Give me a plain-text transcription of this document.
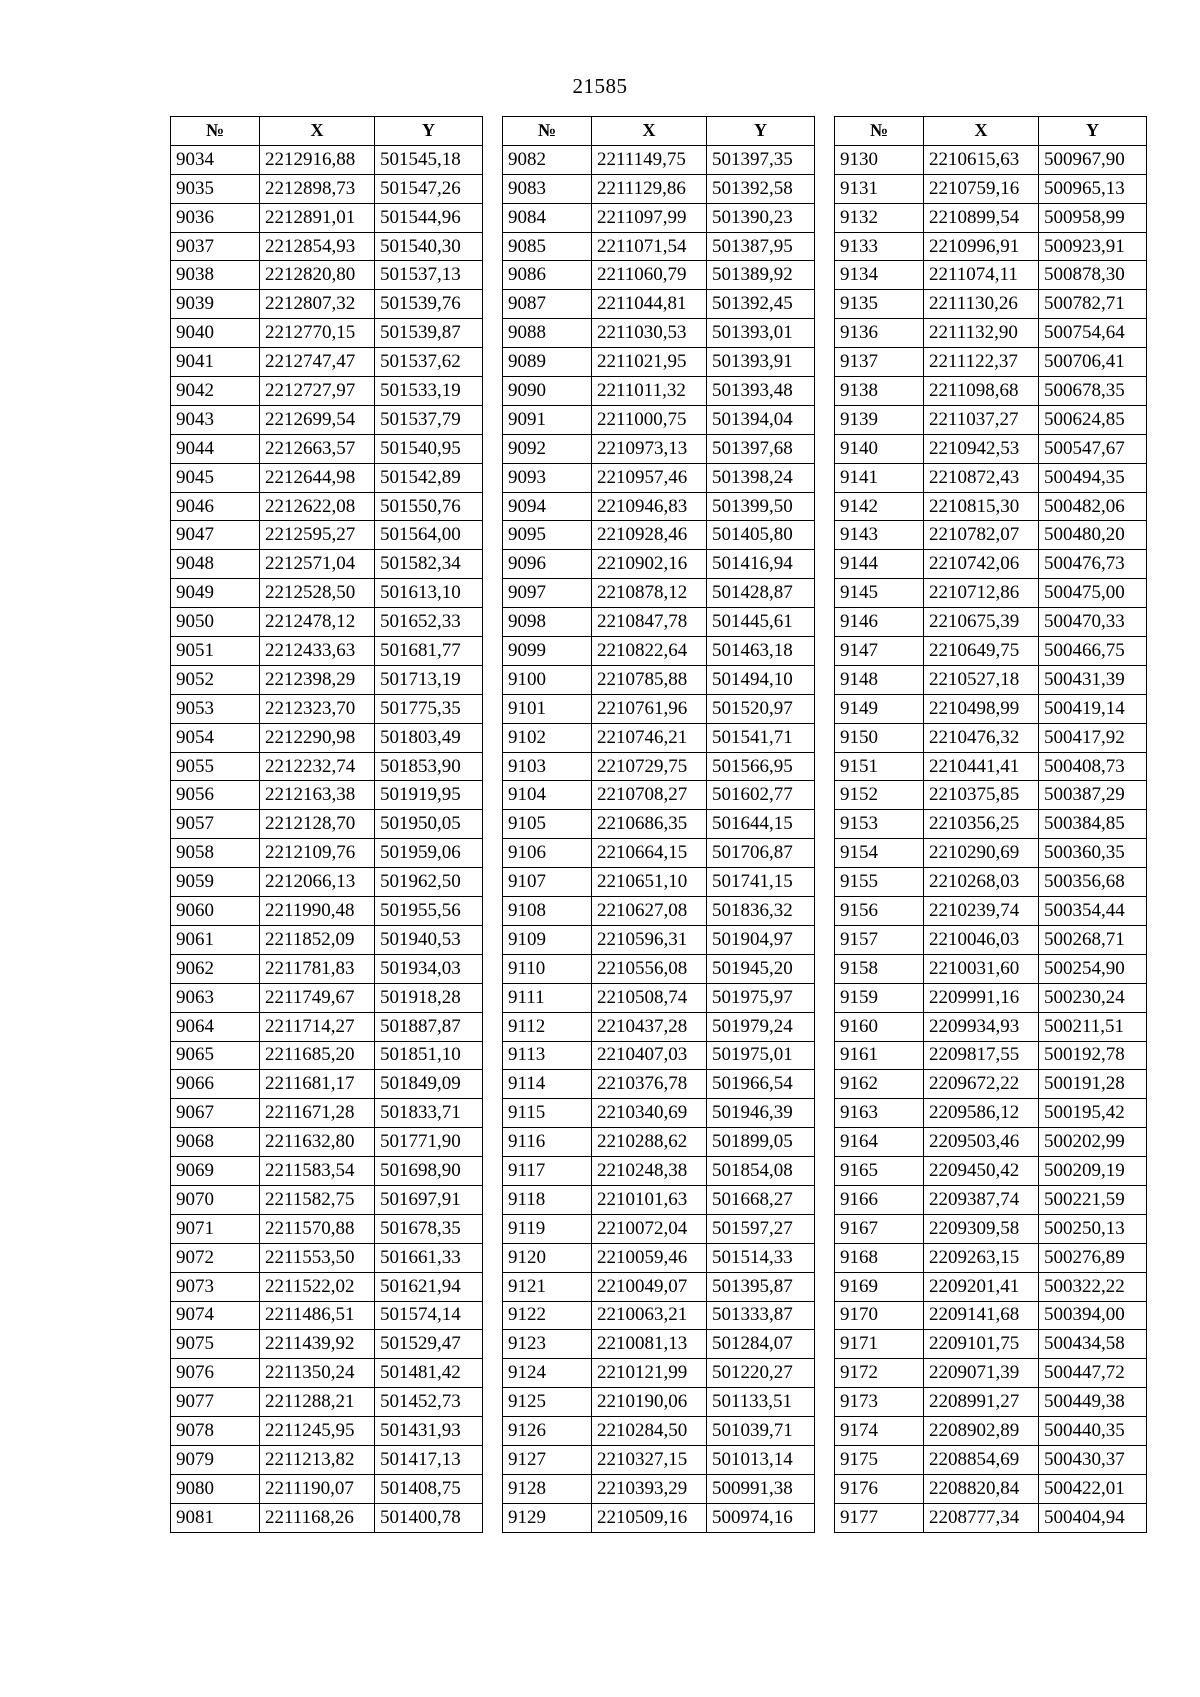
21585
№	X	Y
9034	2212916,88	501545,18
9035	2212898,73	501547,26
9036	2212891,01	501544,96
9037	2212854,93	501540,30
9038	2212820,80	501537,13
9039	2212807,32	501539,76
9040	2212770,15	501539,87
9041	2212747,47	501537,62
9042	2212727,97	501533,19
9043	2212699,54	501537,79
9044	2212663,57	501540,95
9045	2212644,98	501542,89
9046	2212622,08	501550,76
9047	2212595,27	501564,00
9048	2212571,04	501582,34
9049	2212528,50	501613,10
9050	2212478,12	501652,33
9051	2212433,63	501681,77
9052	2212398,29	501713,19
9053	2212323,70	501775,35
9054	2212290,98	501803,49
9055	2212232,74	501853,90
9056	2212163,38	501919,95
9057	2212128,70	501950,05
9058	2212109,76	501959,06
9059	2212066,13	501962,50
9060	2211990,48	501955,56
9061	2211852,09	501940,53
9062	2211781,83	501934,03
9063	2211749,67	501918,28
9064	2211714,27	501887,87
9065	2211685,20	501851,10
9066	2211681,17	501849,09
9067	2211671,28	501833,71
9068	2211632,80	501771,90
9069	2211583,54	501698,90
9070	2211582,75	501697,91
9071	2211570,88	501678,35
9072	2211553,50	501661,33
9073	2211522,02	501621,94
9074	2211486,51	501574,14
9075	2211439,92	501529,47
9076	2211350,24	501481,42
9077	2211288,21	501452,73
9078	2211245,95	501431,93
9079	2211213,82	501417,13
9080	2211190,07	501408,75
9081	2211168,26	501400,78
№	X	Y
9082	2211149,75	501397,35
9083	2211129,86	501392,58
9084	2211097,99	501390,23
9085	2211071,54	501387,95
9086	2211060,79	501389,92
9087	2211044,81	501392,45
9088	2211030,53	501393,01
9089	2211021,95	501393,91
9090	2211011,32	501393,48
9091	2211000,75	501394,04
9092	2210973,13	501397,68
9093	2210957,46	501398,24
9094	2210946,83	501399,50
9095	2210928,46	501405,80
9096	2210902,16	501416,94
9097	2210878,12	501428,87
9098	2210847,78	501445,61
9099	2210822,64	501463,18
9100	2210785,88	501494,10
9101	2210761,96	501520,97
9102	2210746,21	501541,71
9103	2210729,75	501566,95
9104	2210708,27	501602,77
9105	2210686,35	501644,15
9106	2210664,15	501706,87
9107	2210651,10	501741,15
9108	2210627,08	501836,32
9109	2210596,31	501904,97
9110	2210556,08	501945,20
9111	2210508,74	501975,97
9112	2210437,28	501979,24
9113	2210407,03	501975,01
9114	2210376,78	501966,54
9115	2210340,69	501946,39
9116	2210288,62	501899,05
9117	2210248,38	501854,08
9118	2210101,63	501668,27
9119	2210072,04	501597,27
9120	2210059,46	501514,33
9121	2210049,07	501395,87
9122	2210063,21	501333,87
9123	2210081,13	501284,07
9124	2210121,99	501220,27
9125	2210190,06	501133,51
9126	2210284,50	501039,71
9127	2210327,15	501013,14
9128	2210393,29	500991,38
9129	2210509,16	500974,16
№	X	Y
9130	2210615,63	500967,90
9131	2210759,16	500965,13
9132	2210899,54	500958,99
9133	2210996,91	500923,91
9134	2211074,11	500878,30
9135	2211130,26	500782,71
9136	2211132,90	500754,64
9137	2211122,37	500706,41
9138	2211098,68	500678,35
9139	2211037,27	500624,85
9140	2210942,53	500547,67
9141	2210872,43	500494,35
9142	2210815,30	500482,06
9143	2210782,07	500480,20
9144	2210742,06	500476,73
9145	2210712,86	500475,00
9146	2210675,39	500470,33
9147	2210649,75	500466,75
9148	2210527,18	500431,39
9149	2210498,99	500419,14
9150	2210476,32	500417,92
9151	2210441,41	500408,73
9152	2210375,85	500387,29
9153	2210356,25	500384,85
9154	2210290,69	500360,35
9155	2210268,03	500356,68
9156	2210239,74	500354,44
9157	2210046,03	500268,71
9158	2210031,60	500254,90
9159	2209991,16	500230,24
9160	2209934,93	500211,51
9161	2209817,55	500192,78
9162	2209672,22	500191,28
9163	2209586,12	500195,42
9164	2209503,46	500202,99
9165	2209450,42	500209,19
9166	2209387,74	500221,59
9167	2209309,58	500250,13
9168	2209263,15	500276,89
9169	2209201,41	500322,22
9170	2209141,68	500394,00
9171	2209101,75	500434,58
9172	2209071,39	500447,72
9173	2208991,27	500449,38
9174	2208902,89	500440,35
9175	2208854,69	500430,37
9176	2208820,84	500422,01
9177	2208777,34	500404,94
